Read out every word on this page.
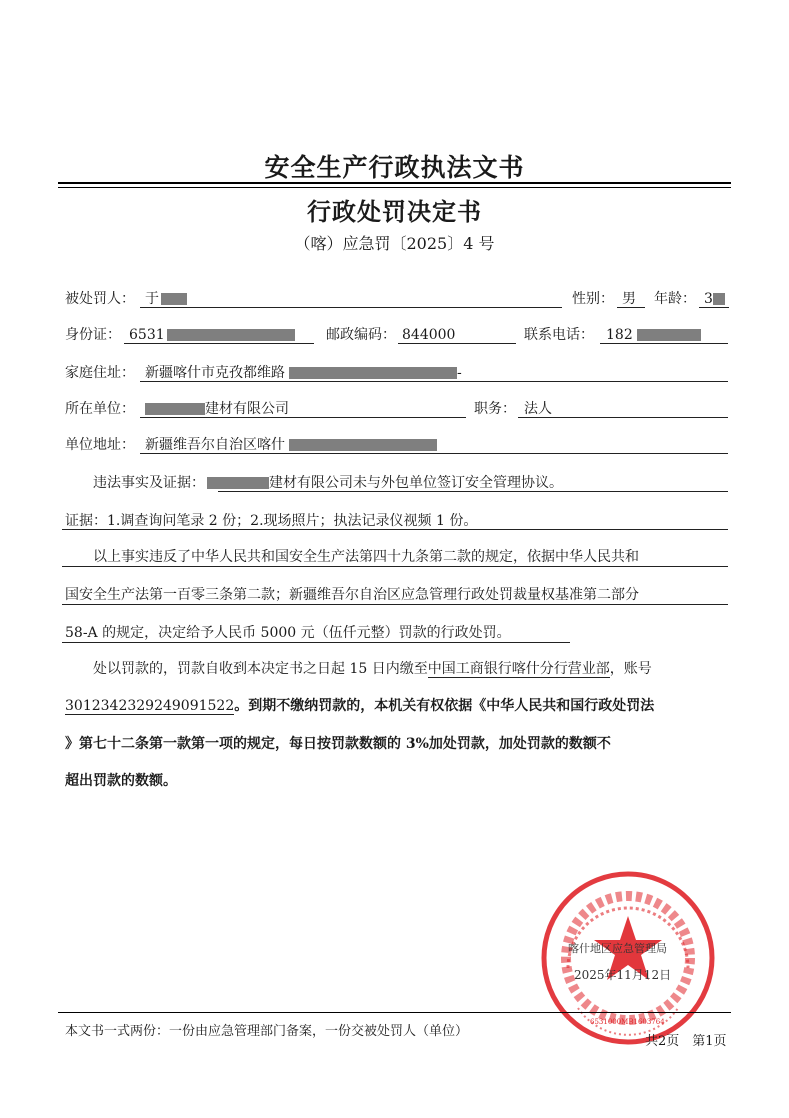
安全生产行政执法文书
行政处罚决定书
（喀）应急罚〔2025〕4 号
被处罚人： 于	性别： 男 年龄： 3
身份证： 6531	邮政编码： 844000	联系电话： 182
家庭住址： 新疆喀什市克孜都维路	-
所在单位：	建材有限公司	职务： 法人
单位地址： 新疆维吾尔自治区喀什
违法事实及证据：	建材有限公司未与外包单位签订安全管理协议。
证据：1.调查询问笔录 2 份；2.现场照片；执法记录仪视频 1 份。
以上事实违反了中华人民共和国安全生产法第四十九条第二款的规定，依据中华人民共和
国安全生产法第一百零三条第二款；新疆维吾尔自治区应急管理行政处罚裁量权基准第二部分
58-A 的规定，决定给予人民币 5000 元（伍仟元整）罚款的行政处罚。
处以罚款的，罚款自收到本决定书之日起 15 日内缴至中国工商银行喀什分行营业部，账号
3012342329249091522。到期不缴纳罚款的，本机关有权依据《中华人民共和国行政处罚法
》第七十二条第一款第一项的规定，每日按罚款数额的 3%加处罚款，加处罚款的数额不
超出罚款的数额。
喀什地区应急管理局
2025年11月12日
6531000MB1603764
本文书一式两份：一份由应急管理部门备案，一份交被处罚人（单位）
共2页　第1页
